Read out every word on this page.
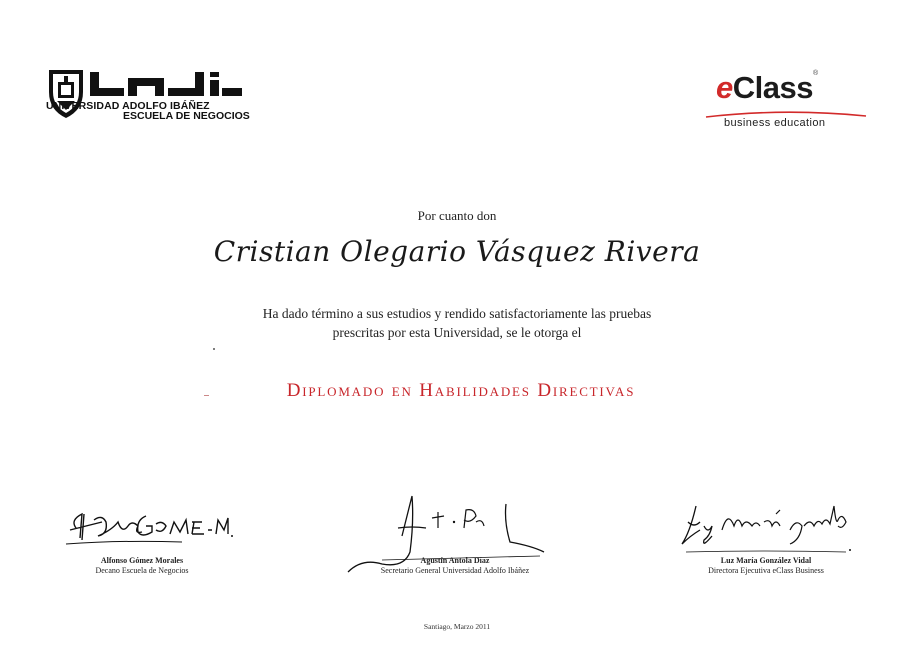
UNIVERSIDAD ADOLFO IBÁÑEZ
ESCUELA DE NEGOCIOS
eClass®
business education
Por cuanto don
Cristian Olegario Vásquez Rivera
Ha dado término a sus estudios y rendido satisfactoriamente las pruebas
prescritas por esta Universidad, se le otorga el
Diplomado en Habilidades Directivas
Alfonso Gómez Morales
Decano Escuela de Negocios
Agustín Antola Díaz
Secretario General Universidad Adolfo Ibáñez
Luz María González Vidal
Directora Ejecutiva eClass Business
Santiago, Marzo 2011
